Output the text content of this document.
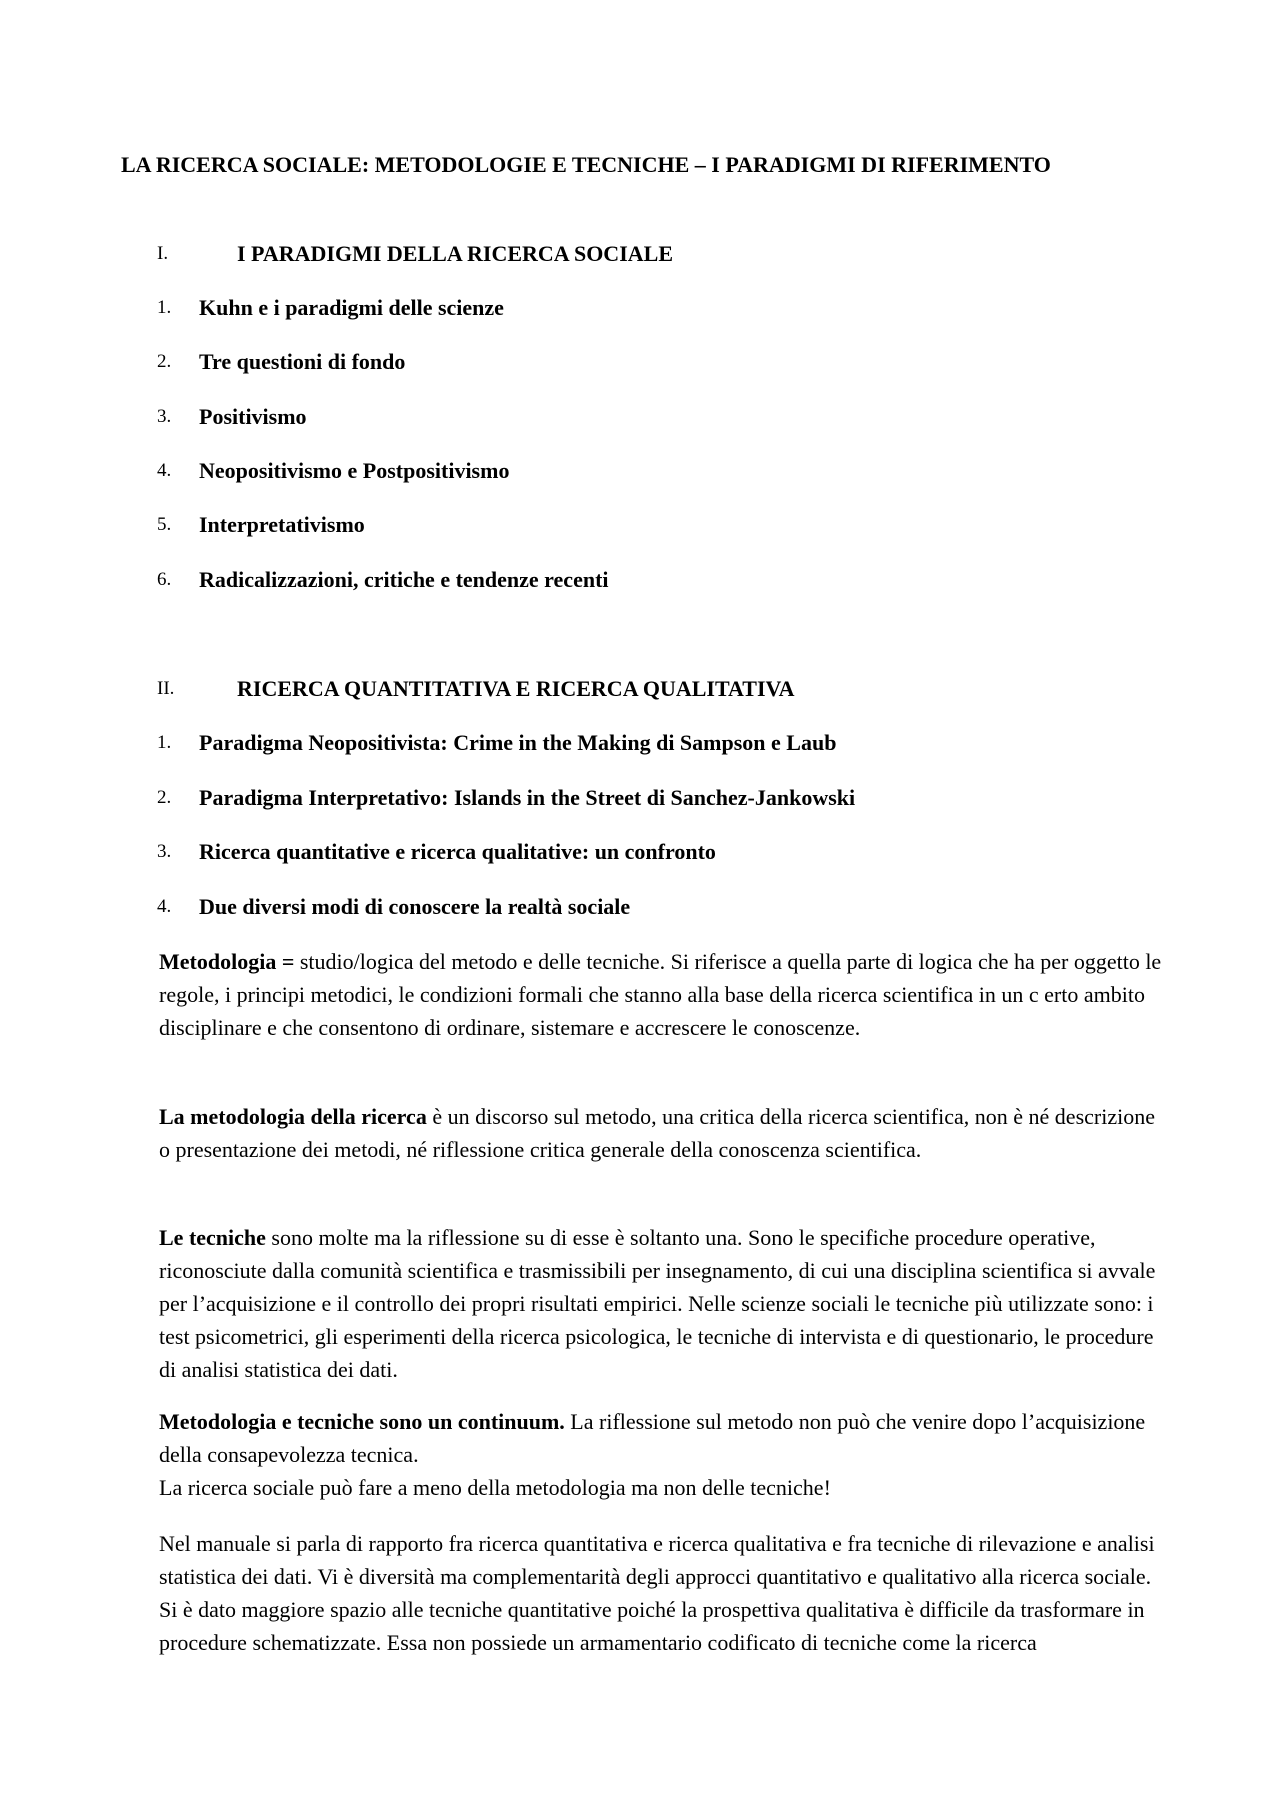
LA RICERCA SOCIALE: METODOLOGIE E TECNICHE – I PARADIGMI DI RIFERIMENTO
I.	I PARADIGMI DELLA RICERCA SOCIALE
1.	Kuhn e i paradigmi delle scienze
2.	Tre questioni di fondo
3.	Positivismo
4.	Neopositivismo e Postpositivismo
5.	Interpretativismo
6.	Radicalizzazioni, critiche e tendenze recenti
II.	RICERCA QUANTITATIVA E RICERCA QUALITATIVA
1.	Paradigma Neopositivista: Crime in the Making di Sampson e Laub
2.	Paradigma Interpretativo: Islands in the Street di Sanchez-Jankowski
3.	Ricerca quantitative e ricerca qualitative: un confronto
4.	Due diversi modi di conoscere la realtà sociale

Metodologia = studio/logica del metodo e delle tecniche. Si riferisce a quella parte di logica che ha per oggetto le regole, i principi metodici, le condizioni formali che stanno alla base della ricerca scientifica in un c erto ambito disciplinare e che consentono di ordinare, sistemare e accrescere le conoscenze.

La metodologia della ricerca è un discorso sul metodo, una critica della ricerca scientifica, non è né descrizione o presentazione dei metodi, né riflessione critica generale della conoscenza scientifica.

Le tecniche sono molte ma la riflessione su di esse è soltanto una. Sono le specifiche procedure operative, riconosciute dalla comunità scientifica e trasmissibili per insegnamento, di cui una disciplina scientifica si avvale per l’acquisizione e il controllo dei propri risultati empirici. Nelle scienze sociali le tecniche più utilizzate sono: i test psicometrici, gli esperimenti della ricerca psicologica, le tecniche di intervista e di questionario, le procedure di analisi statistica dei dati.

Metodologia e tecniche sono un continuum. La riflessione sul metodo non può che venire dopo l’acquisizione della consapevolezza tecnica.
La ricerca sociale può fare a meno della metodologia ma non delle tecniche!

Nel manuale si parla di rapporto fra ricerca quantitativa e ricerca qualitativa e fra tecniche di rilevazione e analisi statistica dei dati. Vi è diversità ma complementarità degli approcci quantitativo e qualitativo alla ricerca sociale. Si è dato maggiore spazio alle tecniche quantitative poiché la prospettiva qualitativa è difficile da trasformare in procedure schematizzate. Essa non possiede un armamentario codificato di tecniche come la ricerca
